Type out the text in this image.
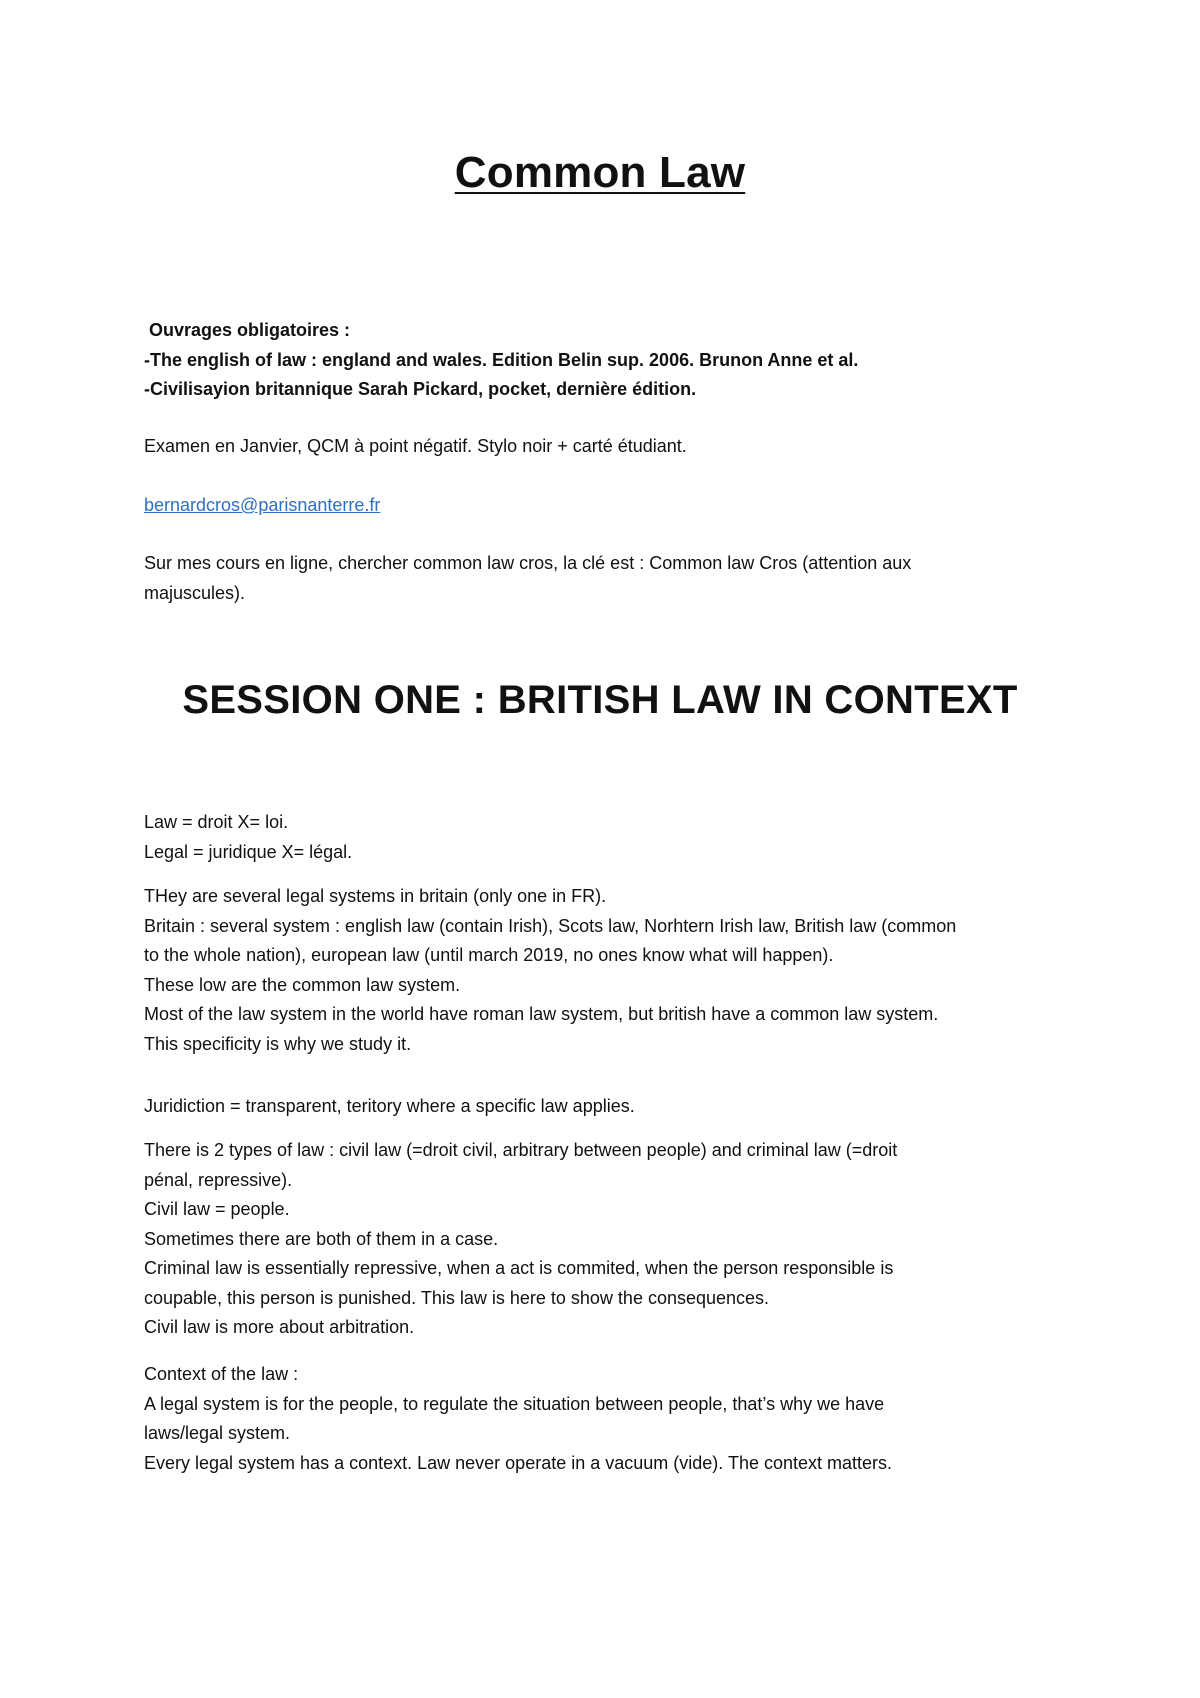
Common Law

Ouvrages obligatoires :

-The english of law : england and wales. Edition Belin sup. 2006. Brunon Anne et al.

-Civilisayion britannique Sarah Pickard, pocket, dernière édition.

Examen en Janvier, QCM à point négatif. Stylo noir + carté étudiant.

bernardcros@parisnanterre.fr

Sur mes cours en ligne, chercher common law cros, la clé est : Common law Cros (attention aux

majuscules).

SESSION ONE : BRITISH LAW IN CONTEXT

Law = droit X= loi.

Legal = juridique X= légal.

THey are several legal systems in britain (only one in FR).

Britain : several system : english law (contain Irish), Scots law, Norhtern Irish law, British law (common

to the whole nation), european law (until march 2019, no ones know what will happen).

These low are the common law system.

Most of the law system in the world have roman law system, but british have a common law system.

This specificity is why we study it.

Juridiction = transparent, teritory where a specific law applies.

There is 2 types of law : civil law (=droit civil, arbitrary between people) and criminal law (=droit

pénal, repressive).

Civil law = people.

Sometimes there are both of them in a case.

Criminal law is essentially repressive, when a act is commited, when the person responsible is

coupable, this person is punished. This law is here to show the consequences.

Civil law is more about arbitration.

Context of the law :

A legal system is for the people, to regulate the situation between people, that’s why we have

laws/legal system.

Every legal system has a context. Law never operate in a vacuum (vide). The context matters.
